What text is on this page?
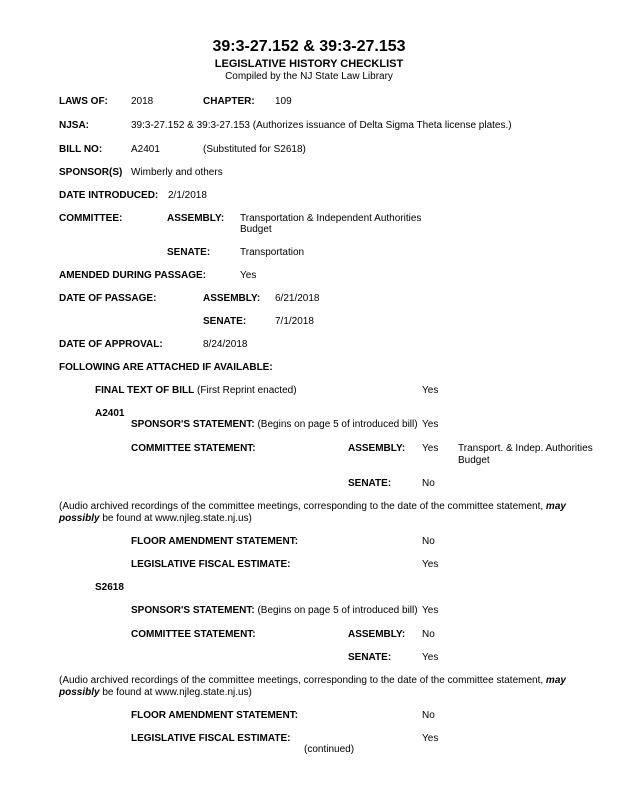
39:3-27.152 & 39:3-27.153
LEGISLATIVE HISTORY CHECKLIST
Compiled by the NJ State Law Library
LAWS OF: 2018	CHAPTER: 109
NJSA:	39:3-27.152 & 39:3-27.153 (Authorizes issuance of Delta Sigma Theta license plates.)
BILL NO:	A2401	(Substituted for S2618)
SPONSOR(S) Wimberly and others
DATE INTRODUCED: 2/1/2018
COMMITTEE:	ASSEMBLY: Transportation & Independent Authorities
Budget
SENATE:	Transportation
AMENDED DURING PASSAGE:	Yes
DATE OF PASSAGE:	ASSEMBLY: 6/21/2018
SENATE:	7/1/2018
DATE OF APPROVAL:	8/24/2018
FOLLOWING ARE ATTACHED IF AVAILABLE:
FINAL TEXT OF BILL (First Reprint enacted)	Yes
A2401
SPONSOR'S STATEMENT: (Begins on page 5 of introduced bill) Yes
COMMITTEE STATEMENT:	ASSEMBLY: Yes Transport. & Indep. Authorities
Budget
SENATE:	No
(Audio archived recordings of the committee meetings, corresponding to the date of the committee statement, may possibly be found at www.njleg.state.nj.us)
FLOOR AMENDMENT STATEMENT:	No
LEGISLATIVE FISCAL ESTIMATE:	Yes
S2618
SPONSOR'S STATEMENT: (Begins on page 5 of introduced bill) Yes
COMMITTEE STATEMENT:	ASSEMBLY: No
SENATE:	Yes
(Audio archived recordings of the committee meetings, corresponding to the date of the committee statement, may possibly be found at www.njleg.state.nj.us)
FLOOR AMENDMENT STATEMENT:	No
LEGISLATIVE FISCAL ESTIMATE:	Yes
(continued)
